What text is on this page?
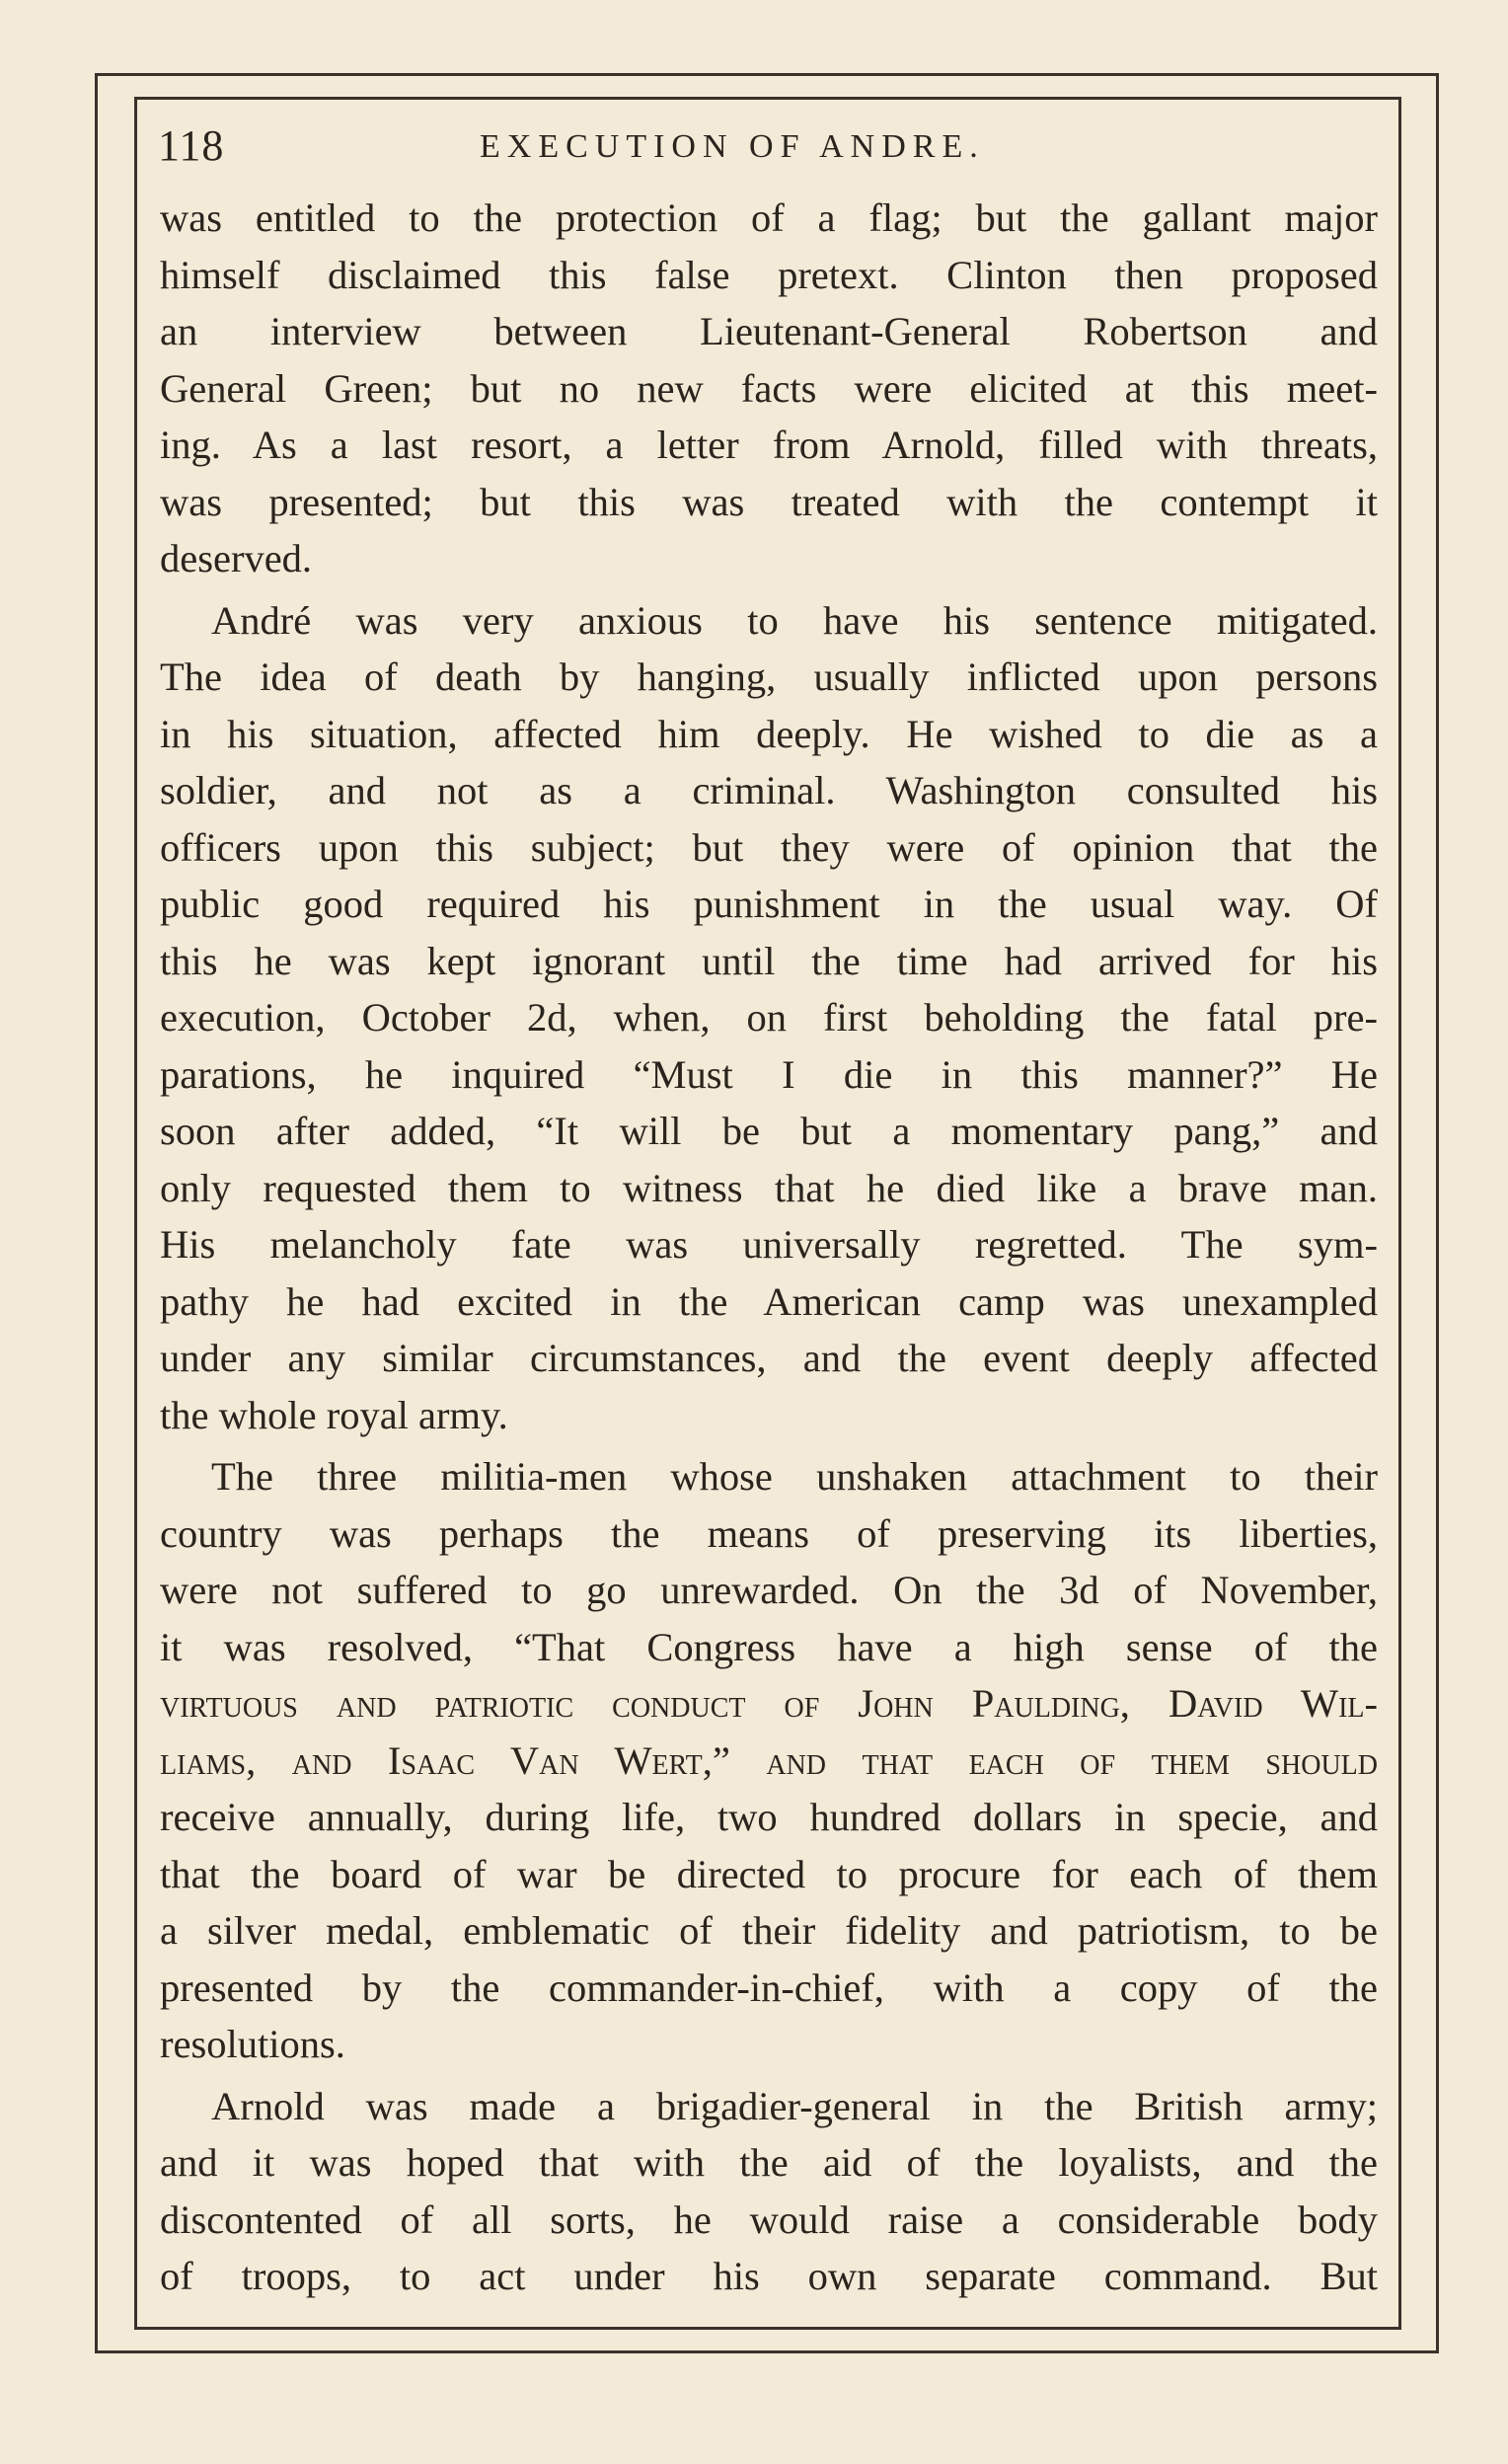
118	EXECUTION OF ANDRE.
was entitled to the protection of a flag; but the gallant major
himself disclaimed this false pretext. Clinton then proposed
an interview between Lieutenant-General Robertson and
General Green; but no new facts were elicited at this meet-
ing. As a last resort, a letter from Arnold, filled with threats,
was presented; but this was treated with the contempt it
deserved.
André was very anxious to have his sentence mitigated.
The idea of death by hanging, usually inflicted upon persons
in his situation, affected him deeply. He wished to die as a
soldier, and not as a criminal. Washington consulted his
officers upon this subject; but they were of opinion that the
public good required his punishment in the usual way. Of
this he was kept ignorant until the time had arrived for his
execution, October 2d, when, on first beholding the fatal pre-
parations, he inquired “Must I die in this manner?” He
soon after added, “It will be but a momentary pang,” and
only requested them to witness that he died like a brave man.
His melancholy fate was universally regretted. The sym-
pathy he had excited in the American camp was unexampled
under any similar circumstances, and the event deeply affected
the whole royal army.
The three militia-men whose unshaken attachment to their
country was perhaps the means of preserving its liberties,
were not suffered to go unrewarded. On the 3d of November,
it was resolved, “That Congress have a high sense of the
virtuous and patriotic conduct of John Paulding, David Wil-
liams, and Isaac Van Wert,” and that each of them should
receive annually, during life, two hundred dollars in specie, and
that the board of war be directed to procure for each of them
a silver medal, emblematic of their fidelity and patriotism, to be
presented by the commander-in-chief, with a copy of the
resolutions.
Arnold was made a brigadier-general in the British army;
and it was hoped that with the aid of the loyalists, and the
discontented of all sorts, he would raise a considerable body
of troops, to act under his own separate command. But
